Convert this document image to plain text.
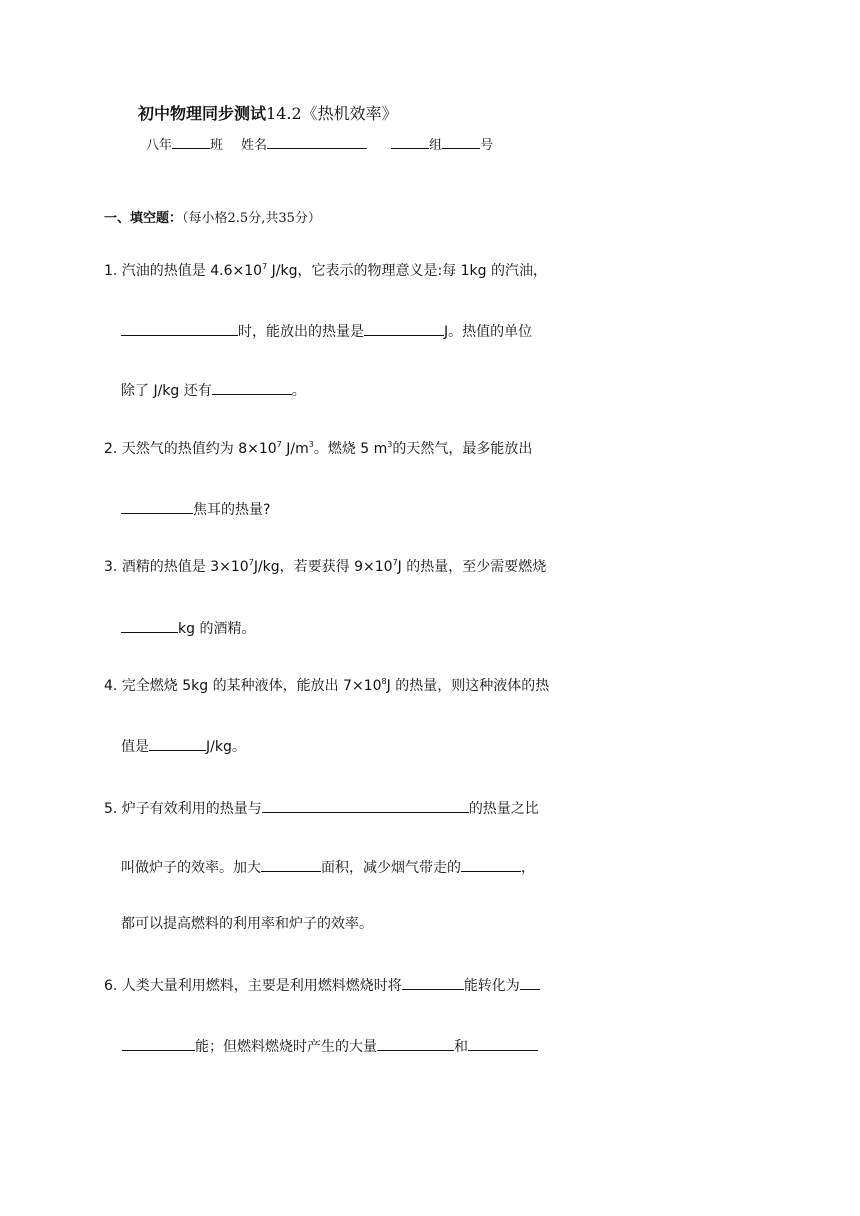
初中物理同步测试14.2《热机效率》
八年	班 姓名	组	号
一、填空题：（每小格2.5分,共35分）
1. 汽油的热值是 $4.6\times 10^7$ J/kg，它表示的物理意义是:每 1kg 的汽油，
时，能放出的热量是	J。热值的单位
除了 J/kg 还有	。
2. 天然气的热值约为 $8\times 10^7$ $J/m^3$。燃烧 5 $m^3$的天然气，最多能放出
焦耳的热量?
3. 酒精的热值是 $3\times 10^7J/kg$，若要获得 $9\times 10^7J$ 的热量，至少需要燃烧
kg 的酒精。
4. 完全燃烧 5kg 的某种液体，能放出 $7\times 10^8J$ 的热量，则这种液体的热
值是	J/kg。
5. 炉子有效利用的热量与	的热量之比
叫做炉子的效率。加大	面积，减少烟气带走的	，
都可以提高燃料的利用率和炉子的效率。
6. 人类大量利用燃料，主要是利用燃料燃烧时将	能转化为
能；但燃料燃烧时产生的大量	和
